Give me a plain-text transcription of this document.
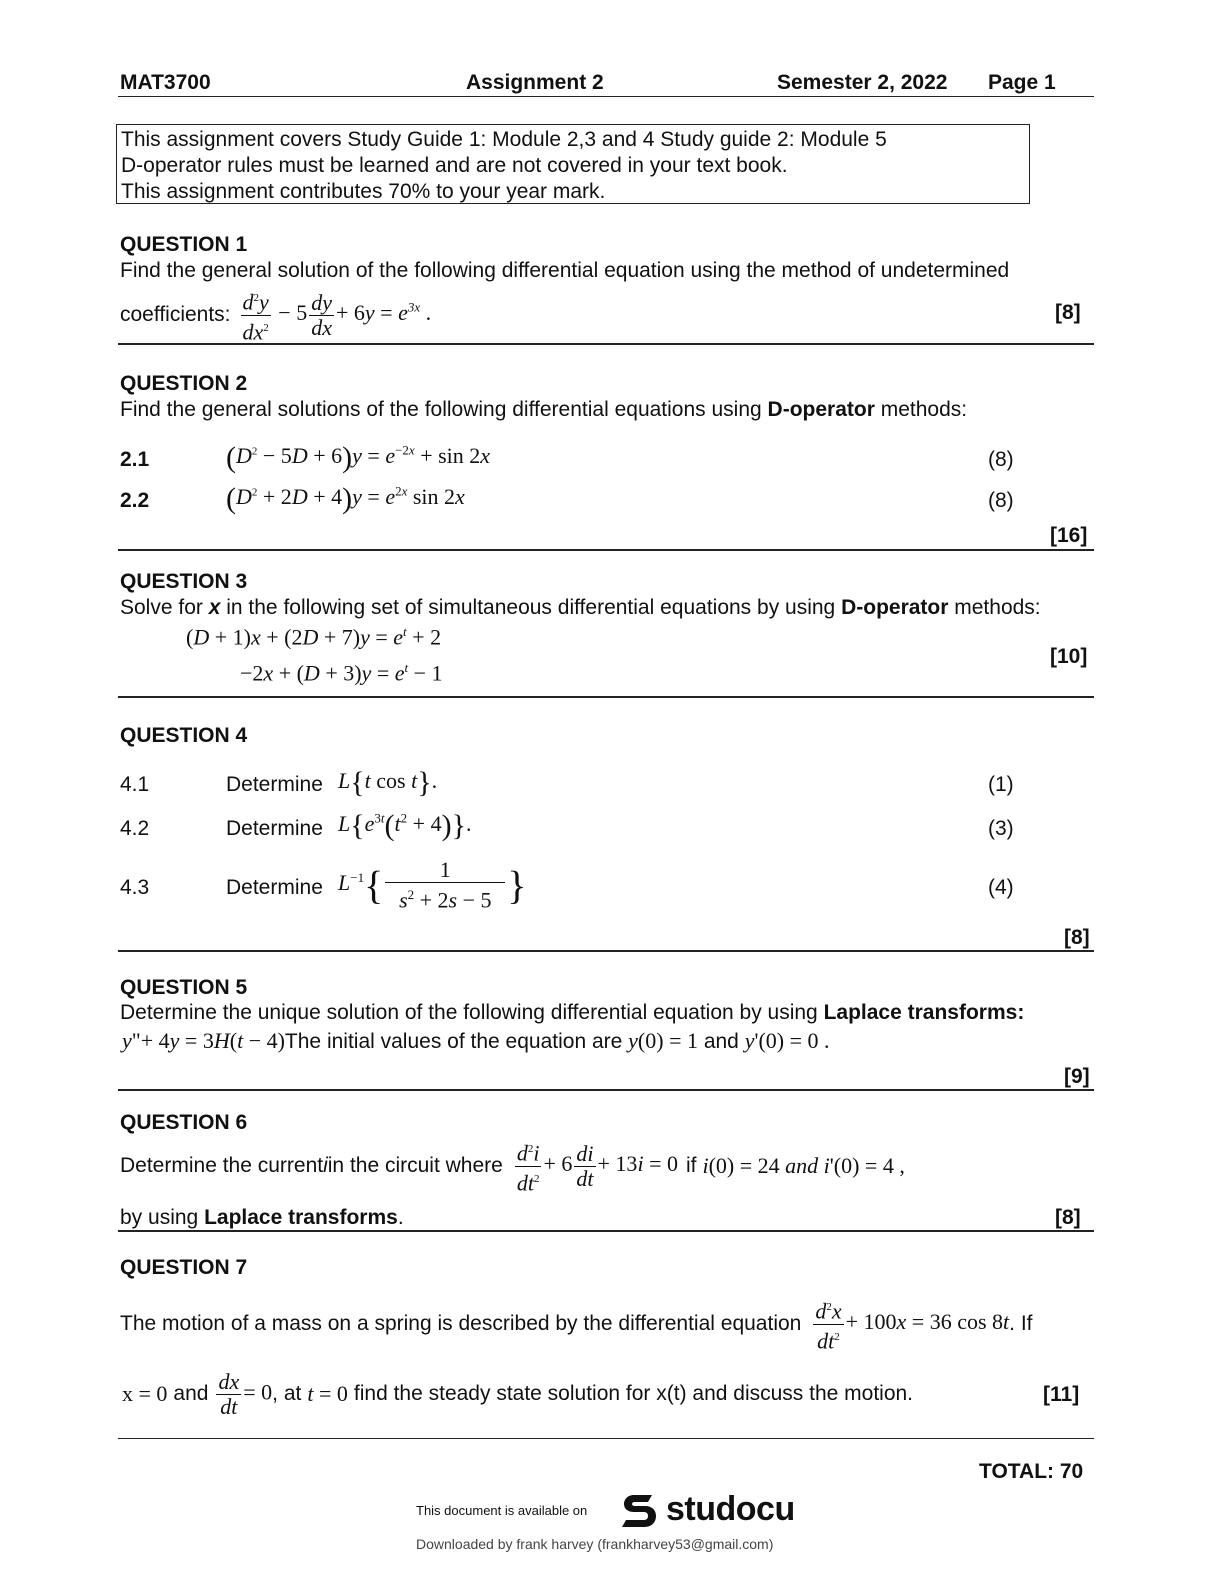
MAT3700	Assignment 2	Semester 2, 2022 Page 1
This assignment covers Study Guide 1: Module 2,3 and 4 Study guide 2: Module 5
D-operator rules must be learned and are not covered in your text book.
This assignment contributes 70% to your year mark.
QUESTION 1
Find the general solution of the following differential equation using the method of undetermined
coefficients: $\frac{d^2y}{dx^2} - 5 \frac{dy}{dx} + 6y = e^{3x}$ .	[8]
QUESTION 2
Find the general solutions of the following differential equations using D-operator methods:
2.1	$(D^2 - 5D + 6)y = e^{-2x} + \sin 2x$	(8)
2.2	$(D^2 + 2D + 4)y = e^{2x}$ sin 2x	(8)
[16]
QUESTION 3
Solve for x in the following set of simultaneous differential equations by using D-operator methods:
$(D + 1)x + (2D + 7)y = e^t + 2$
$-2x + (D + 3)y = e^t - 1$
[10]
QUESTION 4
4.1	Determine L{t cos t}.	(1)
4.2	Determine $L\{e^{3t}(t^2 + 4)\}$.	(3)
4.3	Determine $L^{-1}\{ \frac{1}{s^2 + 2s - 5}$ }	(4)
[8]
QUESTION 5
Determine the unique solution of the following differential equation by using Laplace transforms:
y"+ 4y = 3H(t − 4)The initial values of the equation are y(0) = 1 and y'(0) = 0 .
[9]
QUESTION 6
Determine the current i in the circuit where $\frac{d^2i}{dt^2} + 6 \frac{di}{dt} + 13i = 0$ if i(0) = 24 and i'(0) = 4 ,
by using Laplace transforms.	[8]
QUESTION 7
The motion of a mass on a spring is described by the differential equation $\frac{d^2x}{dt^2} + 100x = 36$ cos 8t . If
x = 0 and $\frac{dx}{dt} = 0$ , at t = 0 find the steady state solution for x(t) and discuss the motion.	[11]
TOTAL: 70
This document is available on studocu
Downloaded by frank harvey (frankharvey53@gmail.com)
